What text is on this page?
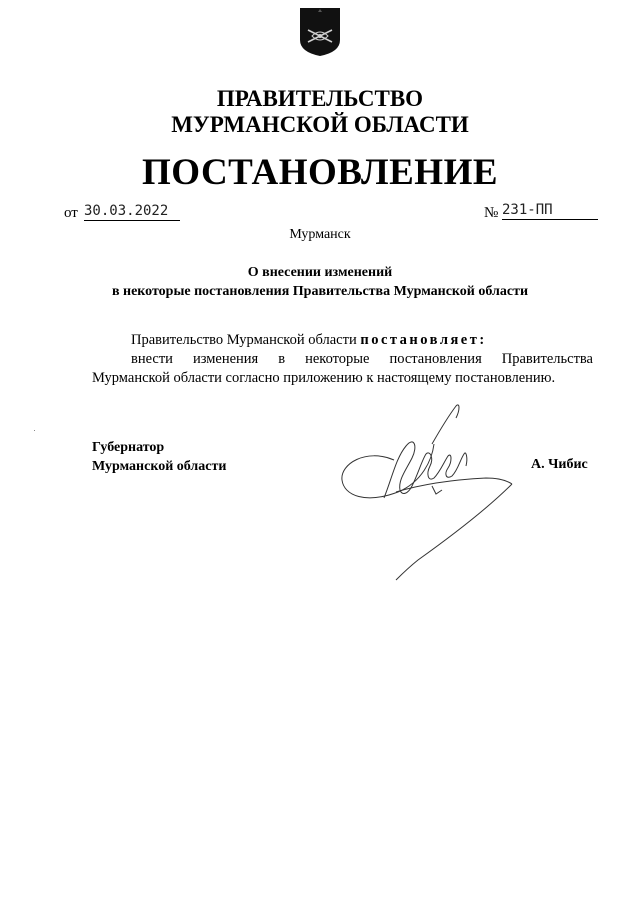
ПРАВИТЕЛЬСТВО
МУРМАНСКОЙ ОБЛАСТИ
ПОСТАНОВЛЕНИЕ
от 30.03.2022	№ 231-ПП
Мурманск
О внесении изменений
в некоторые постановления Правительства Мурманской области

Правительство Мурманской области постановляет:

внести изменения в некоторые постановления Правительства

Мурманской области согласно приложению к настоящему постановлению.

Губернатор
Мурманской области	А. Чибис
